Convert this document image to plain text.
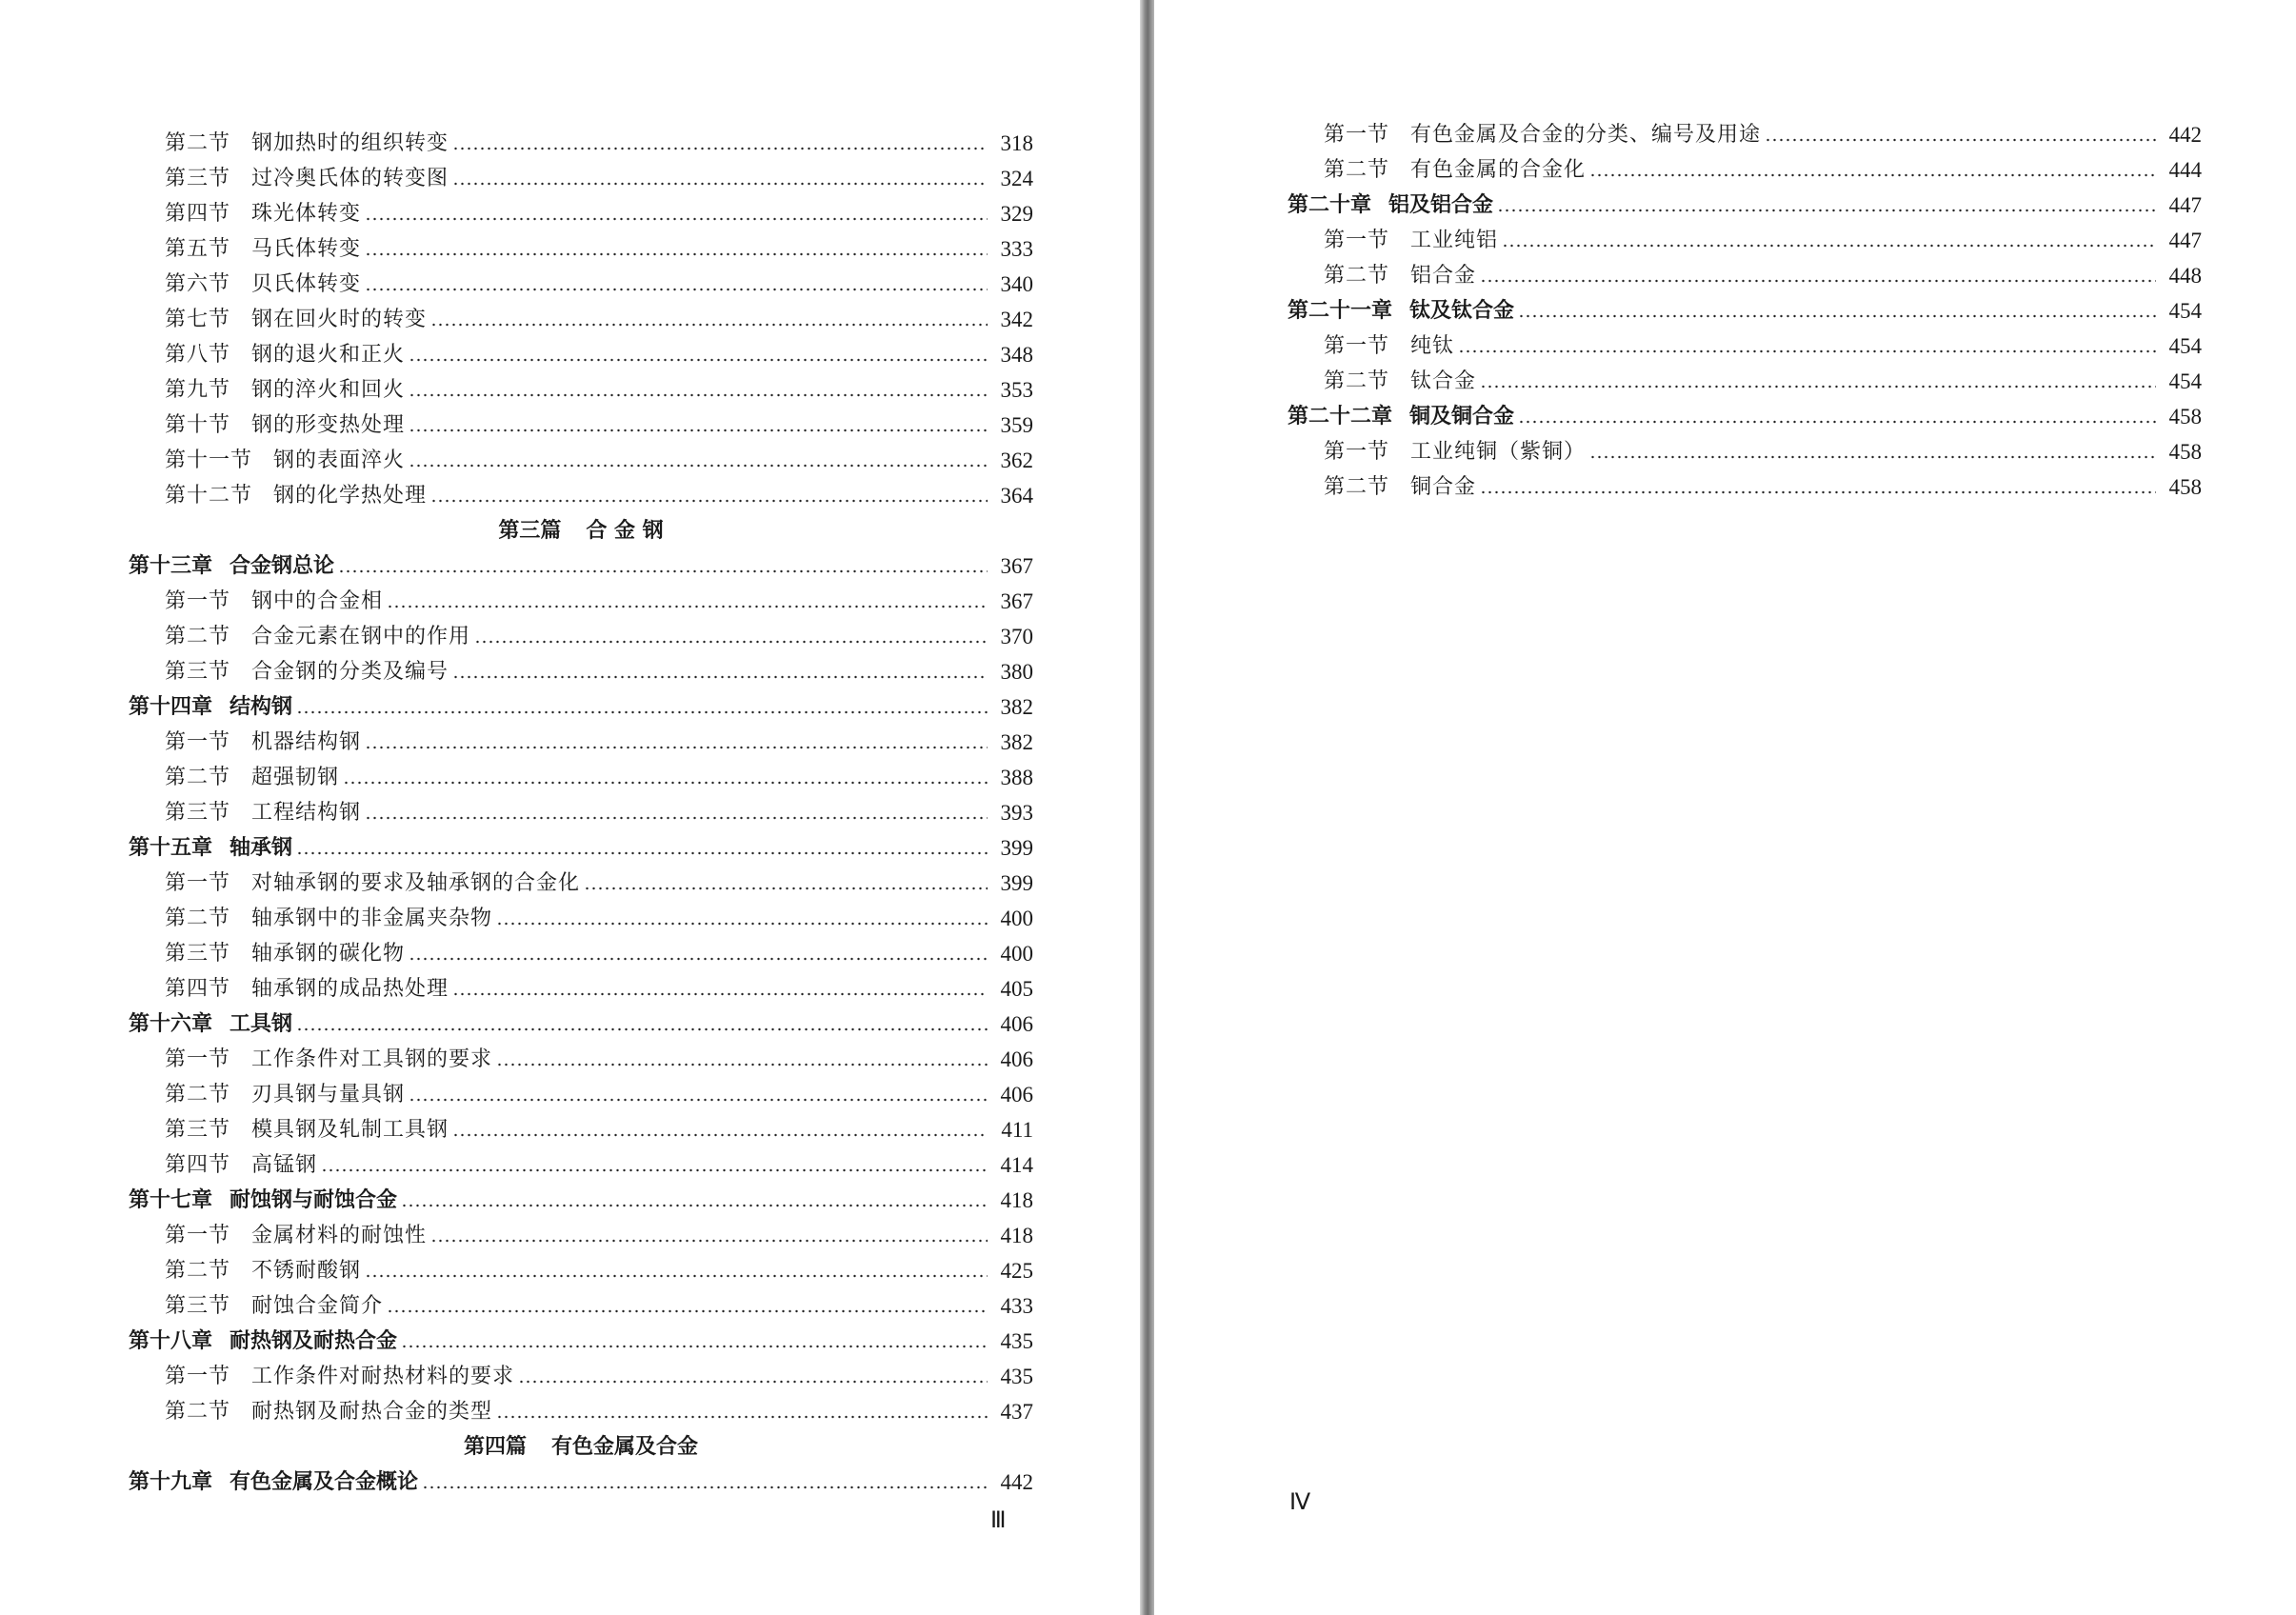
第二节 钢加热时的组织转变	318
第三节 过冷奥氏体的转变图	324
第四节 珠光体转变	329
第五节 马氏体转变	333
第六节 贝氏体转变	340
第七节 钢在回火时的转变	342
第八节 钢的退火和正火	348
第九节 钢的淬火和回火	353
第十节 钢的形变热处理	359
第十一节 钢的表面淬火	362
第十二节 钢的化学热处理	364
第三篇 合 金 钢
第十三章 合金钢总论	367
第一节 钢中的合金相	367
第二节 合金元素在钢中的作用	370
第三节 合金钢的分类及编号	380
第十四章 结构钢	382
第一节 机器结构钢	382
第二节 超强韧钢	388
第三节 工程结构钢	393
第十五章 轴承钢	399
第一节 对轴承钢的要求及轴承钢的合金化	399
第二节 轴承钢中的非金属夹杂物	400
第三节 轴承钢的碳化物	400
第四节 轴承钢的成品热处理	405
第十六章 工具钢	406
第一节 工作条件对工具钢的要求	406
第二节 刃具钢与量具钢	406
第三节 模具钢及轧制工具钢	411
第四节 高锰钢	414
第十七章 耐蚀钢与耐蚀合金	418
第一节 金属材料的耐蚀性	418
第二节 不锈耐酸钢	425
第三节 耐蚀合金简介	433
第十八章 耐热钢及耐热合金	435
第一节 工作条件对耐热材料的要求	435
第二节 耐热钢及耐热合金的类型	437
第四篇 有色金属及合金
第十九章 有色金属及合金概论	442
Ⅲ
第一节 有色金属及合金的分类、编号及用途	442
第二节 有色金属的合金化	444
第二十章 铝及铝合金	447
第一节 工业纯铝	447
第二节 铝合金	448
第二十一章 钛及钛合金	454
第一节 纯钛	454
第二节 钛合金	454
第二十二章 铜及铜合金	458
第一节 工业纯铜（紫铜）	458
第二节 铜合金	458
Ⅳ
